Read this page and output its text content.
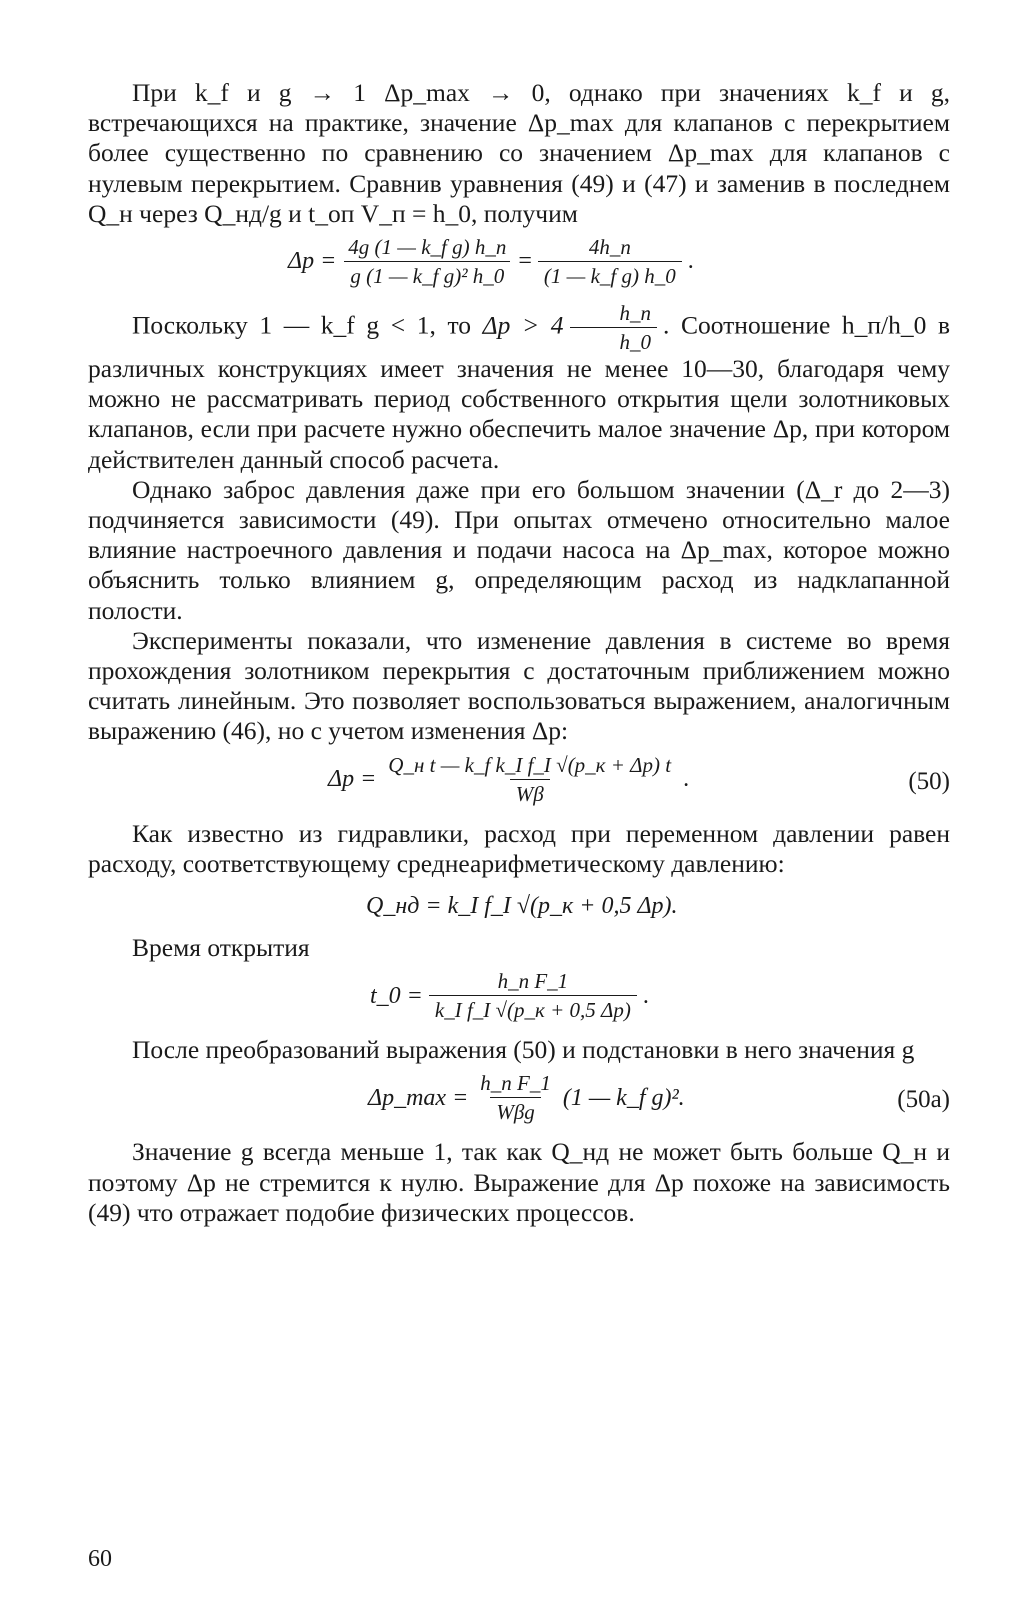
При k_f и g → 1 Δp_max → 0, однако при значениях k_f и g, встречающихся на практике, значение Δp_max для клапанов с перекрытием более существенно по сравнению со значением Δp_max для клапанов с нулевым перекрытием. Сравнив уравнения (49) и (47) и заменив в последнем Q_н через Q_нд/g и t_оп V_п = h_0, получим

$\Delta p = \frac{\text{4g (1 — k\_f g) h\_п}}{\text{g (1 — k\_f g)² h\_0}} = \frac{4h\_п}{\text{(1 — k\_f g) h\_0}}$ .

Поскольку 1 — k_f g < 1, то $\Delta p > 4 \frac{h\_п}{h\_0}$ . Соотношение h_п/h_0 в различных конструкциях имеет значения не менее 10—30, благодаря чему можно не рассматривать период собственного открытия щели золотниковых клапанов, если при расчете нужно обеспечить малое значение Δp, при котором действителен данный способ расчета.

Однако заброс давления даже при его большом значении (Δ_r до 2—3) подчиняется зависимости (49). При опытах отмечено относительно малое влияние настроечного давления и подачи насоса на Δp_max, которое можно объяснить только влиянием g, определяющим расход из надклапанной полости.

Эксперименты показали, что изменение давления в системе во время прохождения золотником перекрытия с достаточным приближением можно считать линейным. Это позволяет воспользоваться выражением, аналогичным выражению (46), но с учетом изменения Δp:

$\Delta p = \frac{\text{Q\_н t — k\_f k\_I f\_I √(p\_к + Δp) t}}{W\beta}$ .	(50)

Как известно из гидравлики, расход при переменном давлении равен расходу, соответствующему среднеарифметическому давлению:

Q_нд = k_I f_I √(p_к + 0,5 Δp).

Время открытия

t_0 = $\frac{\text{h\_п F\_1}}{\text{k\_I f\_I √(p\_к + 0,5 Δp)}}$ .

После преобразований выражения (50) и подстановки в него значения g

Δp_max = $\frac{\text{h\_п F\_1}}{\text{Wβg}} (1$ — k_f g)².	(50а)

Значение g всегда меньше 1, так как Q_нд не может быть больше Q_н и поэтому Δp не стремится к нулю. Выражение для Δp похоже на зависимость (49) что отражает подобие физических процессов.

60
